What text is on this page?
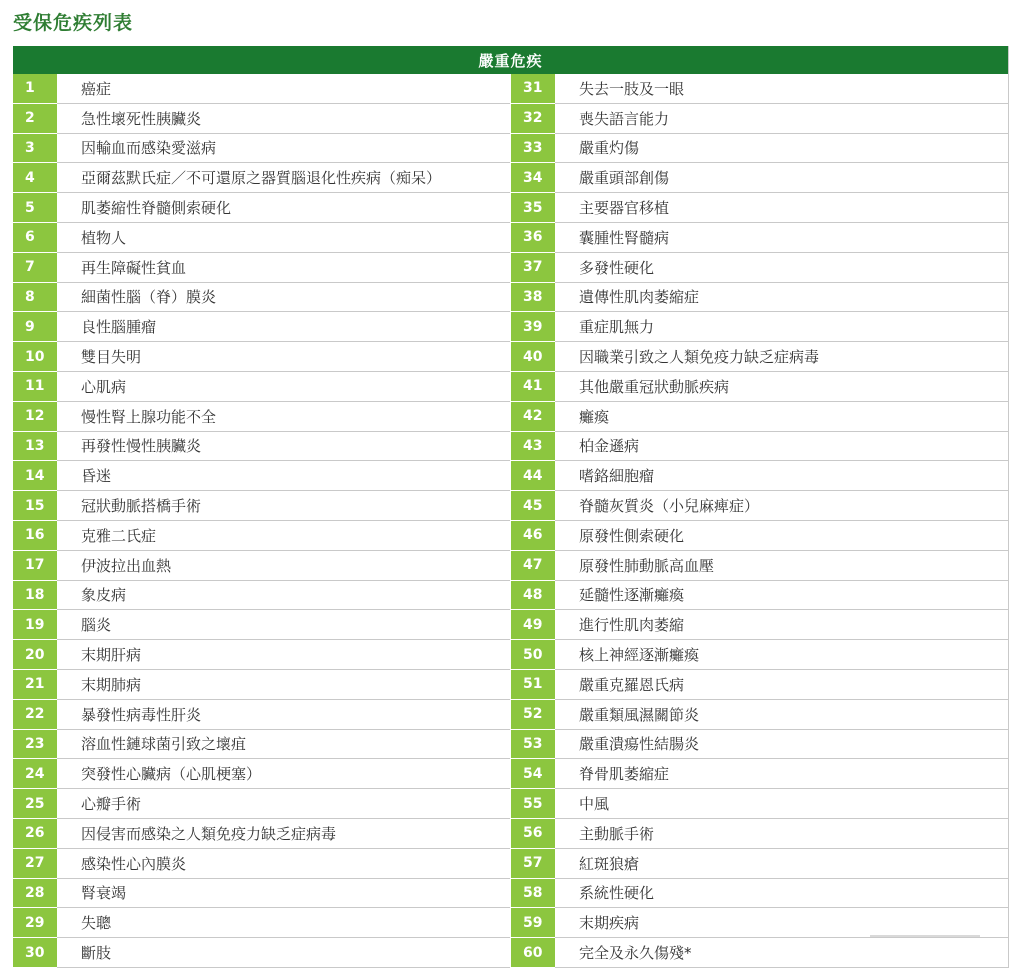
受保危疾列表
嚴重危疾
1	癌症
2	急性壞死性胰臟炎
3	因輸血而感染愛滋病
4	亞爾茲默氏症／不可還原之器質腦退化性疾病（痴呆）
5	肌萎縮性脊髓側索硬化
6	植物人
7	再生障礙性貧血
8	細菌性腦（脊）膜炎
9	良性腦腫瘤
10	雙目失明
11	心肌病
12	慢性腎上腺功能不全
13	再發性慢性胰臟炎
14	昏迷
15	冠狀動脈搭橋手術
16	克雅二氏症
17	伊波拉出血熱
18	象皮病
19	腦炎
20	末期肝病
21	末期肺病
22	暴發性病毒性肝炎
23	溶血性鏈球菌引致之壞疽
24	突發性心臟病（心肌梗塞）
25	心瓣手術
26	因侵害而感染之人類免疫力缺乏症病毒
27	感染性心內膜炎
28	腎衰竭
29	失聰
30	斷肢
31	失去一肢及一眼
32	喪失語言能力
33	嚴重灼傷
34	嚴重頭部創傷
35	主要器官移植
36	囊腫性腎髓病
37	多發性硬化
38	遺傳性肌肉萎縮症
39	重症肌無力
40	因職業引致之人類免疫力缺乏症病毒
41	其他嚴重冠狀動脈疾病
42	癱瘓
43	柏金遜病
44	嗜鉻細胞瘤
45	脊髓灰質炎（小兒麻痺症）
46	原發性側索硬化
47	原發性肺動脈高血壓
48	延髓性逐漸癱瘓
49	進行性肌肉萎縮
50	核上神經逐漸癱瘓
51	嚴重克羅恩氏病
52	嚴重類風濕關節炎
53	嚴重潰瘍性結腸炎
54	脊骨肌萎縮症
55	中風
56	主動脈手術
57	紅斑狼瘡
58	系統性硬化
59	末期疾病
60	完全及永久傷殘*
